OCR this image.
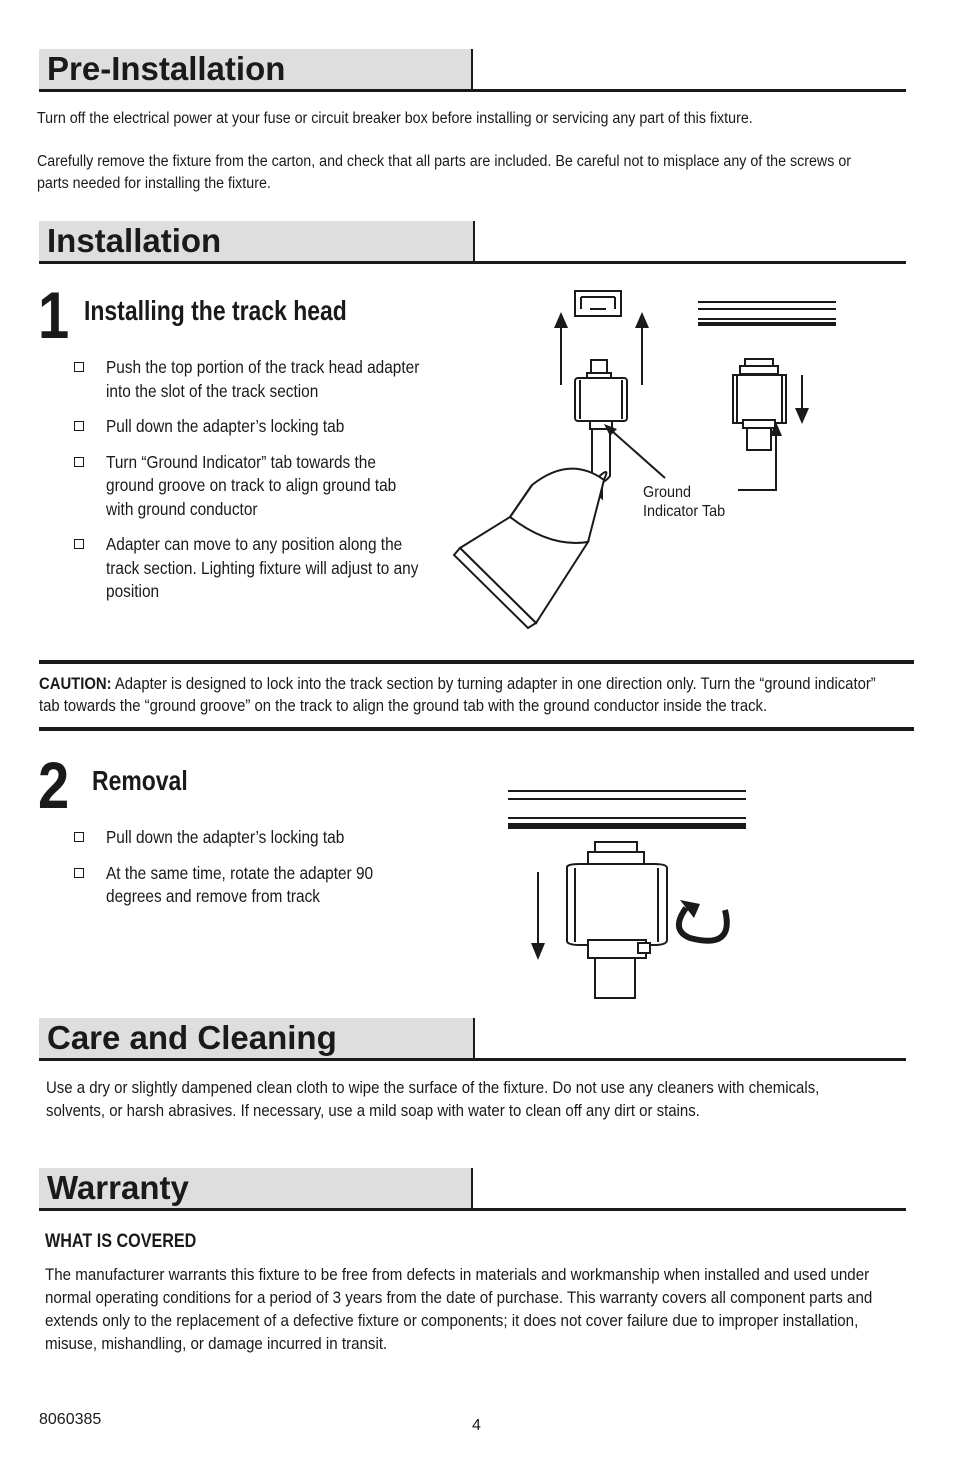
Pre-Installation
Turn off the electrical power at your fuse or circuit breaker box before installing or servicing any part of this fixture.
Carefully remove the fixture from the carton, and check that all parts are included. Be careful not to misplace any of the screws or parts needed for installing the fixture.
Installation
1 Installing the track head
Push the top portion of the track head adapter into the slot of the track section
Pull down the adapter’s locking tab
Turn “Ground Indicator” tab towards the ground groove on track to align ground tab with ground conductor
Adapter can move to any position along the track section. Lighting fixture will adjust to any position
Ground
Indicator Tab
CAUTION: Adapter is designed to lock into the track section by turning adapter in one direction only. Turn the “ground indicator” tab towards the “ground groove” on the track to align the ground tab with the ground conductor inside the track.
2 Removal
Pull down the adapter’s locking tab
At the same time, rotate the adapter 90 degrees and remove from track
Care and Cleaning
Use a dry or slightly dampened clean cloth to wipe the surface of the fixture. Do not use any cleaners with chemicals, solvents, or harsh abrasives. If necessary, use a mild soap with water to clean off any dirt or stains.
Warranty
WHAT IS COVERED
The manufacturer warrants this fixture to be free from defects in materials and workmanship when installed and used under normal operating conditions for a period of 3 years from the date of purchase. This warranty covers all component parts and extends only to the replacement of a defective fixture or components; it does not cover failure due to improper installation, misuse, mishandling, or damage incurred in transit.
8060385	4
